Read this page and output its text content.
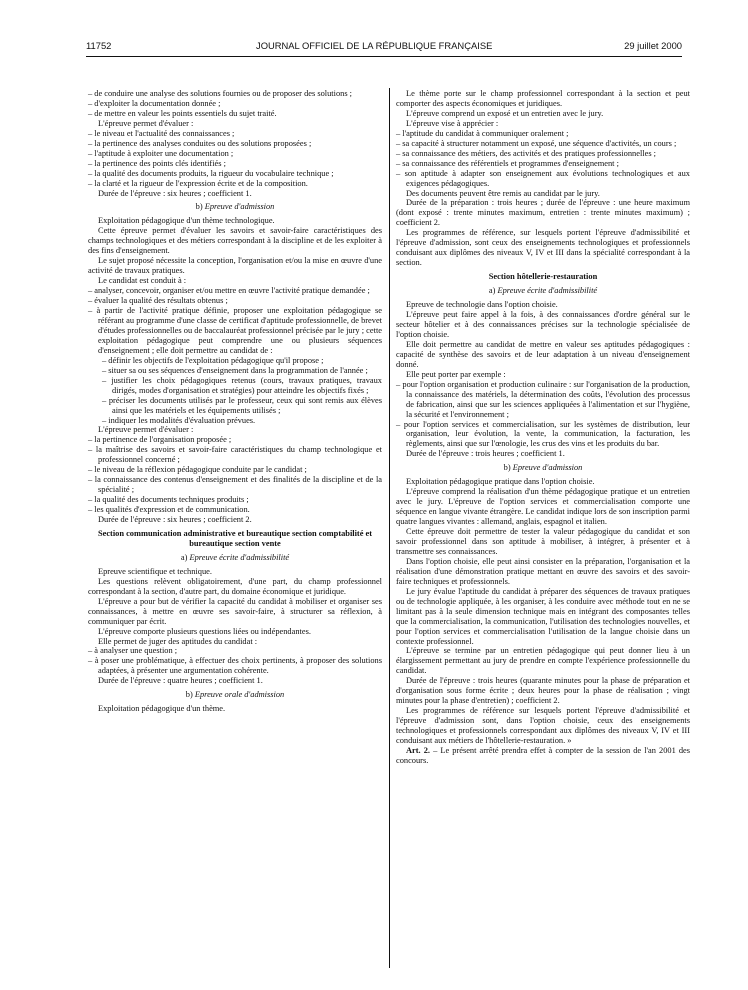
11752	JOURNAL OFFICIEL DE LA RÉPUBLIQUE FRANÇAISE	29 juillet 2000

– de conduire une analyse des solutions fournies ou de proposer des solutions ;

– d'exploiter la documentation donnée ;

– de mettre en valeur les points essentiels du sujet traité.

L'épreuve permet d'évaluer :

– le niveau et l'actualité des connaissances ;

– la pertinence des analyses conduites ou des solutions proposées ;

– l'aptitude à exploiter une documentation ;

– la pertinence des points clés identifiés ;

– la qualité des documents produits, la rigueur du vocabulaire technique ;

– la clarté et la rigueur de l'expression écrite et de la composition.

Durée de l'épreuve : six heures ; coefficient 1.

b) Epreuve d'admission

Exploitation pédagogique d'un thème technologique.

Cette épreuve permet d'évaluer les savoirs et savoir-faire caractéristiques des champs technologiques et des métiers correspondant à la discipline et de les exploiter à des fins d'enseignement.

Le sujet proposé nécessite la conception, l'organisation et/ou la mise en œuvre d'une activité de travaux pratiques.

Le candidat est conduit à :

– analyser, concevoir, organiser et/ou mettre en œuvre l'activité pratique demandée ;

– évaluer la qualité des résultats obtenus ;

– à partir de l'activité pratique définie, proposer une exploitation pédagogique se référant au programme d'une classe de certificat d'aptitude professionnelle, de brevet d'études professionnelles ou de baccalauréat professionnel précisée par le jury ; cette exploitation pédagogique peut comprendre une ou plusieurs séquences d'enseignement ; elle doit permettre au candidat de :

– définir les objectifs de l'exploitation pédagogique qu'il propose ;

– situer sa ou ses séquences d'enseignement dans la programmation de l'année ;

– justifier les choix pédagogiques retenus (cours, travaux pratiques, travaux dirigés, modes d'organisation et stratégies) pour atteindre les objectifs fixés ;

– préciser les documents utilisés par le professeur, ceux qui sont remis aux élèves ainsi que les matériels et les équipements utilisés ;

– indiquer les modalités d'évaluation prévues.

L'épreuve permet d'évaluer :

– la pertinence de l'organisation proposée ;

– la maîtrise des savoirs et savoir-faire caractéristiques du champ technologique et professionnel concerné ;

– le niveau de la réflexion pédagogique conduite par le candidat ;

– la connaissance des contenus d'enseignement et des finalités de la discipline et de la spécialité ;

– la qualité des documents techniques produits ;

– les qualités d'expression et de communication.

Durée de l'épreuve : six heures ; coefficient 2.

Section communication administrative et bureautique section comptabilité et bureautique section vente

a) Epreuve écrite d'admissibilité

Epreuve scientifique et technique.

Les questions relèvent obligatoirement, d'une part, du champ professionnel correspondant à la section, d'autre part, du domaine économique et juridique.

L'épreuve a pour but de vérifier la capacité du candidat à mobiliser et organiser ses connaissances, à mettre en œuvre ses savoir-faire, à structurer sa réflexion, à communiquer par écrit.

L'épreuve comporte plusieurs questions liées ou indépendantes.

Elle permet de juger des aptitudes du candidat :

– à analyser une question ;

– à poser une problématique, à effectuer des choix pertinents, à proposer des solutions adaptées, à présenter une argumentation cohérente.

Durée de l'épreuve : quatre heures ; coefficient 1.

b) Epreuve orale d'admission

Exploitation pédagogique d'un thème.

Le thème porte sur le champ professionnel correspondant à la section et peut comporter des aspects économiques et juridiques.

L'épreuve comprend un exposé et un entretien avec le jury.

L'épreuve vise à apprécier :

– l'aptitude du candidat à communiquer oralement ;

– sa capacité à structurer notamment un exposé, une séquence d'activités, un cours ;

– sa connaissance des métiers, des activités et des pratiques professionnelles ;

– sa connaissance des référentiels et programmes d'enseignement ;

– son aptitude à adapter son enseignement aux évolutions technologiques et aux exigences pédagogiques.

Des documents peuvent être remis au candidat par le jury.

Durée de la préparation : trois heures ; durée de l'épreuve : une heure maximum (dont exposé : trente minutes maximum, entretien : trente minutes maximum) ; coefficient 2.

Les programmes de référence, sur lesquels portent l'épreuve d'admissibilité et l'épreuve d'admission, sont ceux des enseignements technologiques et professionnels conduisant aux diplômes des niveaux V, IV et III dans la spécialité correspondant à la section.

Section hôtellerie-restauration

a) Epreuve écrite d'admissibilité

Epreuve de technologie dans l'option choisie.

L'épreuve peut faire appel à la fois, à des connaissances d'ordre général sur le secteur hôtelier et à des connaissances précises sur la technologie spécialisée de l'option choisie.

Elle doit permettre au candidat de mettre en valeur ses aptitudes pédagogiques : capacité de synthèse des savoirs et de leur adaptation à un niveau d'enseignement donné.

Elle peut porter par exemple :

– pour l'option organisation et production culinaire : sur l'organisation de la production, la connaissance des matériels, la détermination des coûts, l'évolution des processus de fabrication, ainsi que sur les sciences appliquées à l'alimentation et sur l'hygiène, la sécurité et l'environnement ;

– pour l'option services et commercialisation, sur les systèmes de distribution, leur organisation, leur évolution, la vente, la communication, la facturation, les règlements, ainsi que sur l'œnologie, les crus des vins et les produits du bar.

Durée de l'épreuve : trois heures ; coefficient 1.

b) Epreuve d'admission

Exploitation pédagogique pratique dans l'option choisie.

L'épreuve comprend la réalisation d'un thème pédagogique pratique et un entretien avec le jury. L'épreuve de l'option services et commercialisation comporte une séquence en langue vivante étrangère. Le candidat indique lors de son inscription parmi quatre langues vivantes : allemand, anglais, espagnol et italien.

Cette épreuve doit permettre de tester la valeur pédagogique du candidat et son savoir professionnel dans son aptitude à mobiliser, à intégrer, à présenter et à transmettre ses connaissances.

Dans l'option choisie, elle peut ainsi consister en la préparation, l'organisation et la réalisation d'une démonstration pratique mettant en œuvre des savoirs et des savoir-faire techniques et professionnels.

Le jury évalue l'aptitude du candidat à préparer des séquences de travaux pratiques ou de technologie appliquée, à les organiser, à les conduire avec méthode tout en ne se limitant pas à la seule dimension technique mais en intégrant des composantes telles que la commercialisation, la communication, l'utilisation des technologies nouvelles, et pour l'option services et commercialisation l'utilisation de la langue choisie dans un contexte professionnel.

L'épreuve se termine par un entretien pédagogique qui peut donner lieu à un élargissement permettant au jury de prendre en compte l'expérience professionnelle du candidat.

Durée de l'épreuve : trois heures (quarante minutes pour la phase de préparation et d'organisation sous forme écrite ; deux heures pour la phase de réalisation ; vingt minutes pour la phase d'entretien) ; coefficient 2.

Les programmes de référence sur lesquels portent l'épreuve d'admissibilité et l'épreuve d'admission sont, dans l'option choisie, ceux des enseignements technologiques et professionnels correspondant aux diplômes des niveaux V, IV et III conduisant aux métiers de l'hôtellerie-restauration. »

Art. 2. – Le présent arrêté prendra effet à compter de la session de l'an 2001 des concours.
